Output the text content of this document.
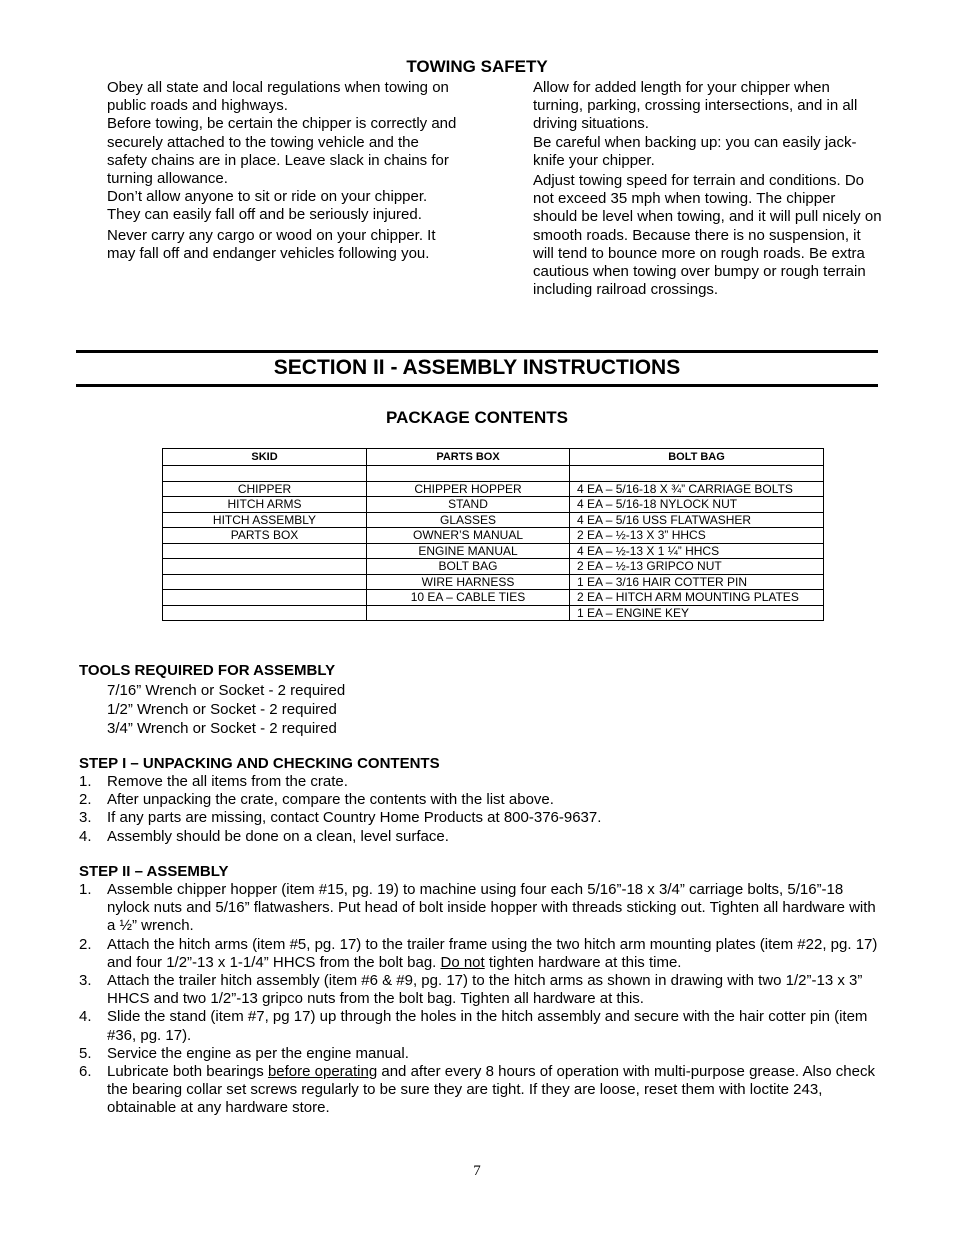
TOWING SAFETY

Obey all state and local regulations when towing on public roads and highways.

Before towing, be certain the chipper is correctly and securely attached to the towing vehicle and the safety chains are in place. Leave slack in chains for turning allowance.

Don’t allow anyone to sit or ride on your chipper. They can easily fall off and be seriously injured.

Never carry any cargo or wood on your chipper. It may fall off and endanger vehicles following you.

Allow for added length for your chipper when turning, parking, crossing intersections, and in all driving situations.

Be careful when backing up: you can easily jack-knife your chipper.

Adjust towing speed for terrain and conditions. Do not exceed 35 mph when towing. The chipper should be level when towing, and it will pull nicely on smooth roads. Because there is no suspension, it will tend to bounce more on rough roads. Be extra cautious when towing over bumpy or rough terrain including railroad crossings.

SECTION II - ASSEMBLY INSTRUCTIONS
PACKAGE CONTENTS
SKID	PARTS BOX	BOLT BAG

CHIPPER	CHIPPER HOPPER	4 EA – 5/16-18 X ¾” CARRIAGE BOLTS
HITCH ARMS	STAND	4 EA – 5/16-18 NYLOCK NUT
HITCH ASSEMBLY	GLASSES	4 EA – 5/16 USS FLATWASHER
PARTS BOX	OWNER’S MANUAL	2 EA – ½-13 X 3” HHCS
	ENGINE MANUAL	4 EA – ½-13 X 1 ¼” HHCS
	BOLT BAG	2 EA – ½-13 GRIPCO NUT
	WIRE HARNESS	1 EA – 3/16 HAIR COTTER PIN
	10 EA – CABLE TIES	2 EA – HITCH ARM MOUNTING PLATES
		1 EA – ENGINE KEY
TOOLS REQUIRED FOR ASSEMBLY
7/16” Wrench or Socket - 2 required
1/2” Wrench or Socket - 2 required
3/4” Wrench or Socket - 2 required
STEP I – UNPACKING AND CHECKING CONTENTS
1. Remove the all items from the crate.
2. After unpacking the crate, compare the contents with the list above.
3. If any parts are missing, contact Country Home Products at 800-376-9637.
4. Assembly should be done on a clean, level surface.
STEP II – ASSEMBLY
1. Assemble chipper hopper (item #15, pg. 19) to machine using four each 5/16”-18 x 3/4” carriage bolts, 5/16”-18 nylock nuts and 5/16” flatwashers. Put head of bolt inside hopper with threads sticking out. Tighten all hardware with a ½” wrench.
2. Attach the hitch arms (item #5, pg. 17) to the trailer frame using the two hitch arm mounting plates (item #22, pg. 17) and four 1/2”-13 x 1-1/4” HHCS from the bolt bag. Do not tighten hardware at this time.
3. Attach the trailer hitch assembly (item #6 & #9, pg. 17) to the hitch arms as shown in drawing with two 1/2”-13 x 3” HHCS and two 1/2”-13 gripco nuts from the bolt bag. Tighten all hardware at this.
4. Slide the stand (item #7, pg 17) up through the holes in the hitch assembly and secure with the hair cotter pin (item #36, pg. 17).
5. Service the engine as per the engine manual.
6. Lubricate both bearings before operating and after every 8 hours of operation with multi-purpose grease. Also check the bearing collar set screws regularly to be sure they are tight. If they are loose, reset them with loctite 243, obtainable at any hardware store.
7
